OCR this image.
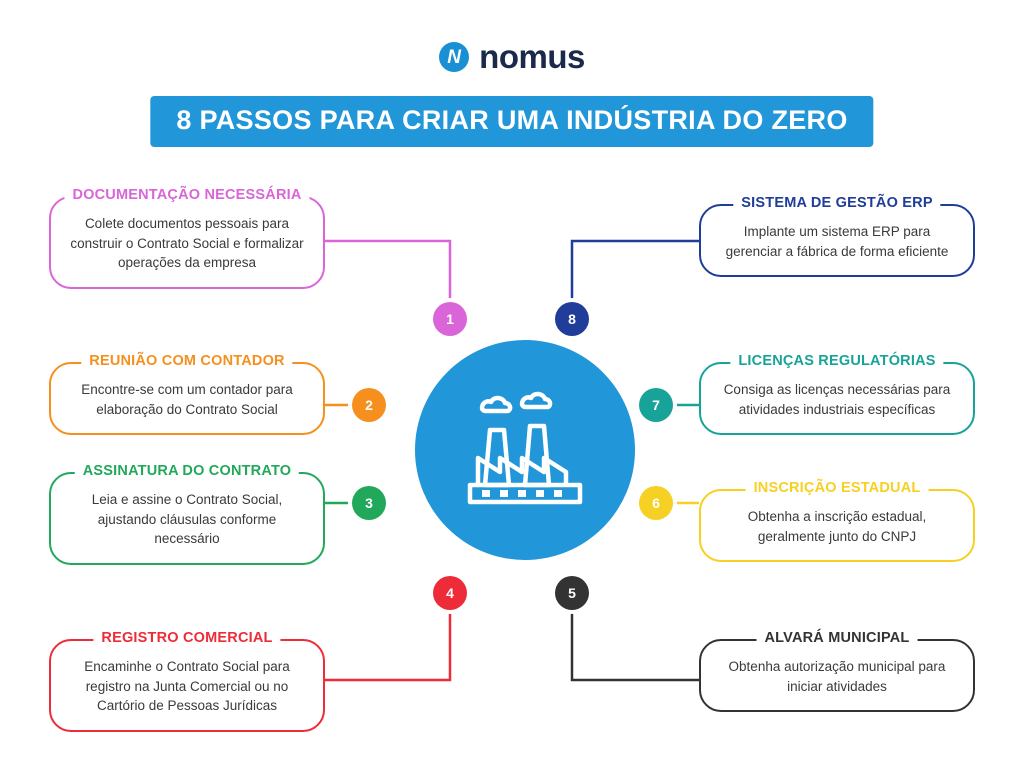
N nomus
8 PASSOS PARA CRIAR UMA INDÚSTRIA DO ZERO
DOCUMENTAÇÃO NECESSÁRIA
Colete documentos pessoais para construir o Contrato Social e formalizar operações da empresa
1
REUNIÃO COM CONTADOR
Encontre-se com um contador para elaboração do Contrato Social	2
ASSINATURA DO CONTRATO
Leia e assine o Contrato Social, ajustando cláusulas conforme necessário
3
REGISTRO COMERCIAL
Encaminhe o Contrato Social para registro na Junta Comercial ou no Cartório de Pessoas Jurídicas
4
ALVARÁ MUNICIPAL
Obtenha autorização municipal para iniciar atividades
5
INSCRIÇÃO ESTADUAL
Obtenha a inscrição estadual, geralmente junto do CNPJ
6
LICENÇAS REGULATÓRIAS
Consiga as licenças necessárias para atividades industriais específicas
7
SISTEMA DE GESTÃO ERP
Implante um sistema ERP para gerenciar a fábrica de forma eficiente
8
